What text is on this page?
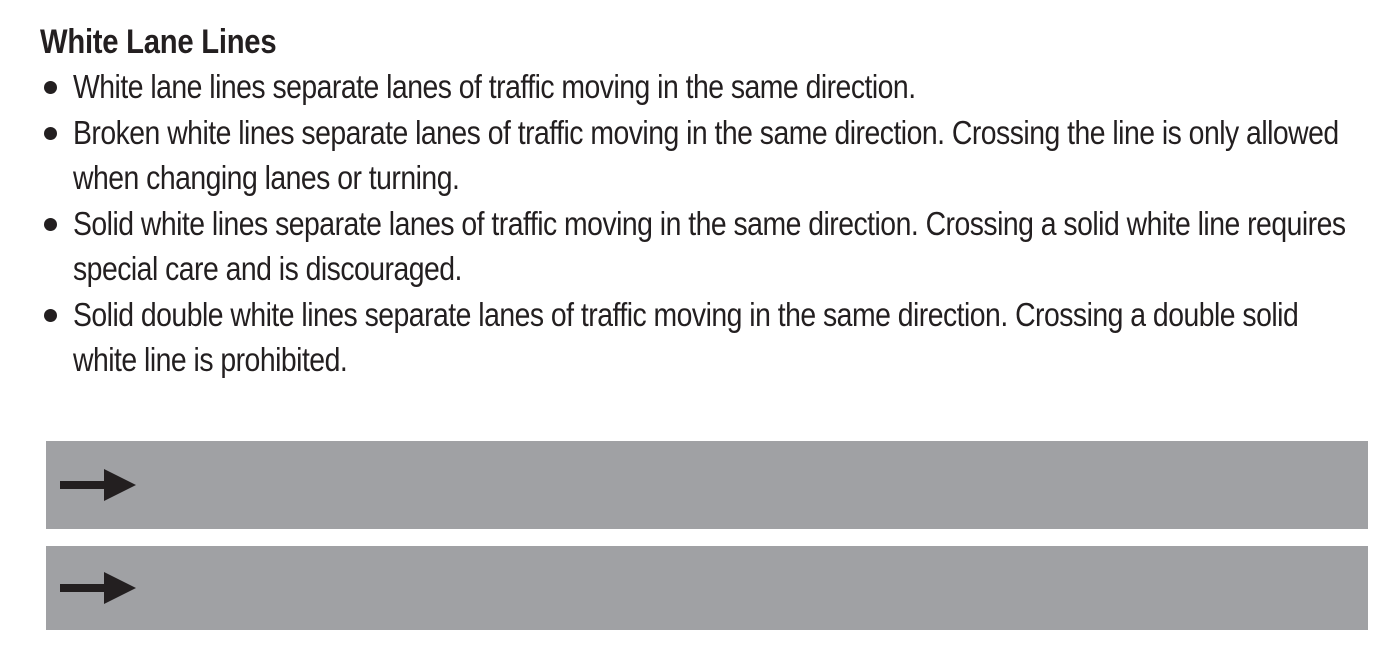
White Lane Lines
White lane lines separate lanes of traffic moving in the same direction.
Broken white lines separate lanes of traffic moving in the same direction. Crossing the line is only allowed when changing lanes or turning.
Solid white lines separate lanes of traffic moving in the same direction. Crossing a solid white line requires special care and is discouraged.
Solid double white lines separate lanes of traffic moving in the same direction. Crossing a double solid white line is prohibited.
